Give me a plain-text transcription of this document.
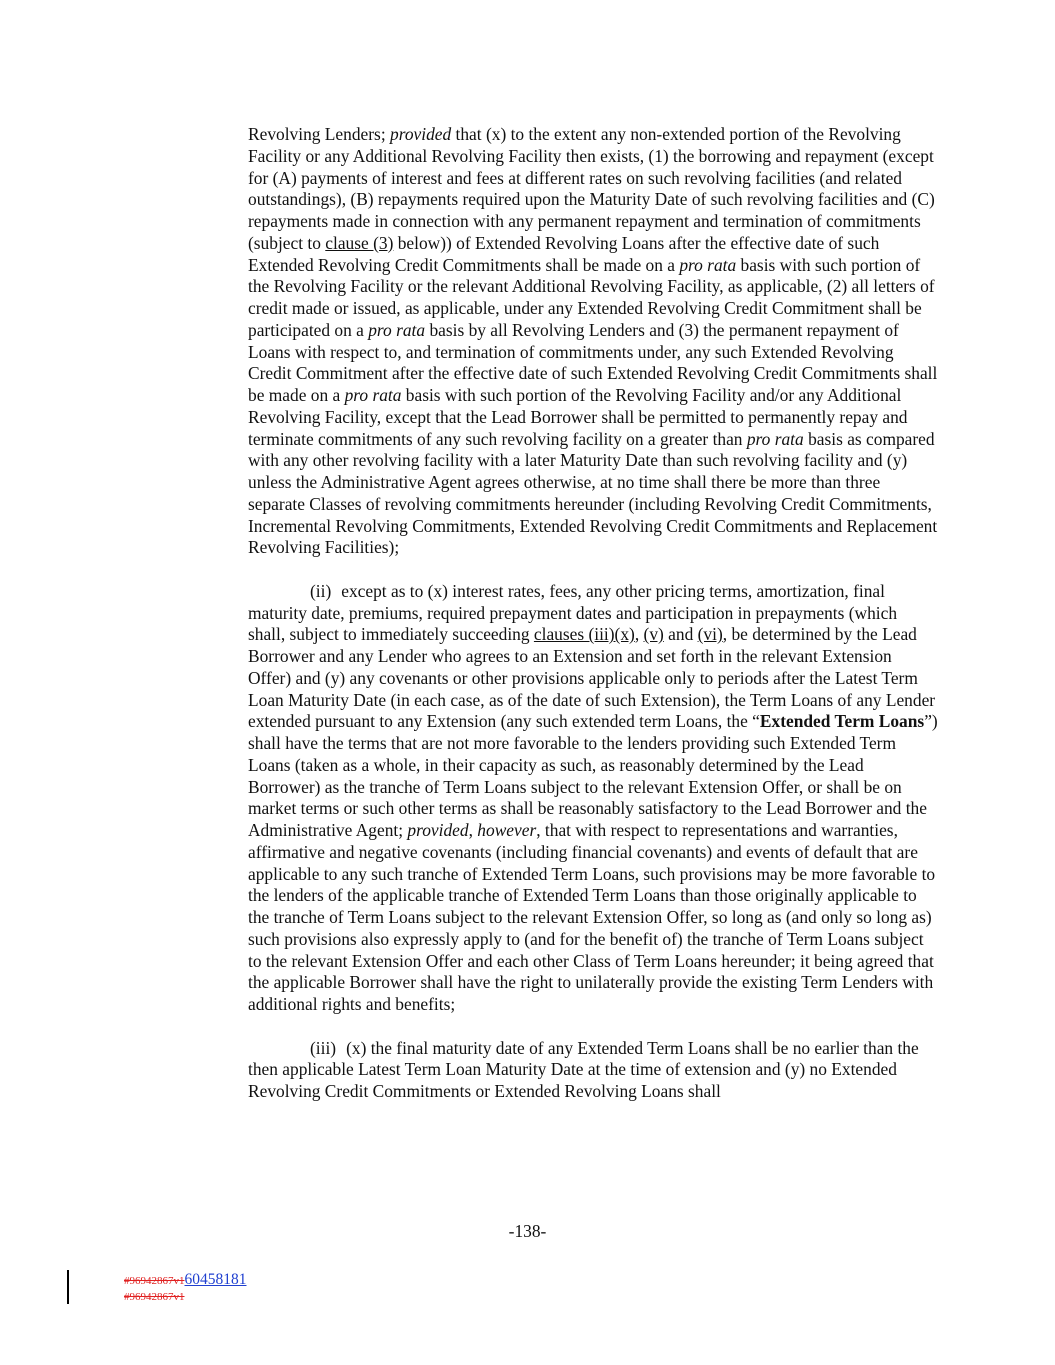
Revolving Lenders; provided that (x) to the extent any non-extended portion of the Revolving Facility or any Additional Revolving Facility then exists, (1) the borrowing and repayment (except for (A) payments of interest and fees at different rates on such revolving facilities (and related outstandings), (B) repayments required upon the Maturity Date of such revolving facilities and (C) repayments made in connection with any permanent repayment and termination of commitments (subject to clause (3) below)) of Extended Revolving Loans after the effective date of such Extended Revolving Credit Commitments shall be made on a pro rata basis with such portion of the Revolving Facility or the relevant Additional Revolving Facility, as applicable, (2) all letters of credit made or issued, as applicable, under any Extended Revolving Credit Commitment shall be participated on a pro rata basis by all Revolving Lenders and (3) the permanent repayment of Loans with respect to, and termination of commitments under, any such Extended Revolving Credit Commitment after the effective date of such Extended Revolving Credit Commitments shall be made on a pro rata basis with such portion of the Revolving Facility and/or any Additional Revolving Facility, except that the Lead Borrower shall be permitted to permanently repay and terminate commitments of any such revolving facility on a greater than pro rata basis as compared with any other revolving facility with a later Maturity Date than such revolving facility and (y) unless the Administrative Agent agrees otherwise, at no time shall there be more than three separate Classes of revolving commitments hereunder (including Revolving Credit Commitments, Incremental Revolving Commitments, Extended Revolving Credit Commitments and Replacement Revolving Facilities);

(ii) except as to (x) interest rates, fees, any other pricing terms, amortization, final maturity date, premiums, required prepayment dates and participation in prepayments (which shall, subject to immediately succeeding clauses (iii)(x), (v) and (vi), be determined by the Lead Borrower and any Lender who agrees to an Extension and set forth in the relevant Extension Offer) and (y) any covenants or other provisions applicable only to periods after the Latest Term Loan Maturity Date (in each case, as of the date of such Extension), the Term Loans of any Lender extended pursuant to any Extension (any such extended term Loans, the “Extended Term Loans”) shall have the terms that are not more favorable to the lenders providing such Extended Term Loans (taken as a whole, in their capacity as such, as reasonably determined by the Lead Borrower) as the tranche of Term Loans subject to the relevant Extension Offer, or shall be on market terms or such other terms as shall be reasonably satisfactory to the Lead Borrower and the Administrative Agent; provided, however, that with respect to representations and warranties, affirmative and negative covenants (including financial covenants) and events of default that are applicable to any such tranche of Extended Term Loans, such provisions may be more favorable to the lenders of the applicable tranche of Extended Term Loans than those originally applicable to the tranche of Term Loans subject to the relevant Extension Offer, so long as (and only so long as) such provisions also expressly apply to (and for the benefit of) the tranche of Term Loans subject to the relevant Extension Offer and each other Class of Term Loans hereunder; it being agreed that the applicable Borrower shall have the right to unilaterally provide the existing Term Lenders with additional rights and benefits;

(iii) (x) the final maturity date of any Extended Term Loans shall be no earlier than the then applicable Latest Term Loan Maturity Date at the time of extension and (y) no Extended Revolving Credit Commitments or Extended Revolving Loans shall

-138-
#96942867v160458181
#96942867v1
